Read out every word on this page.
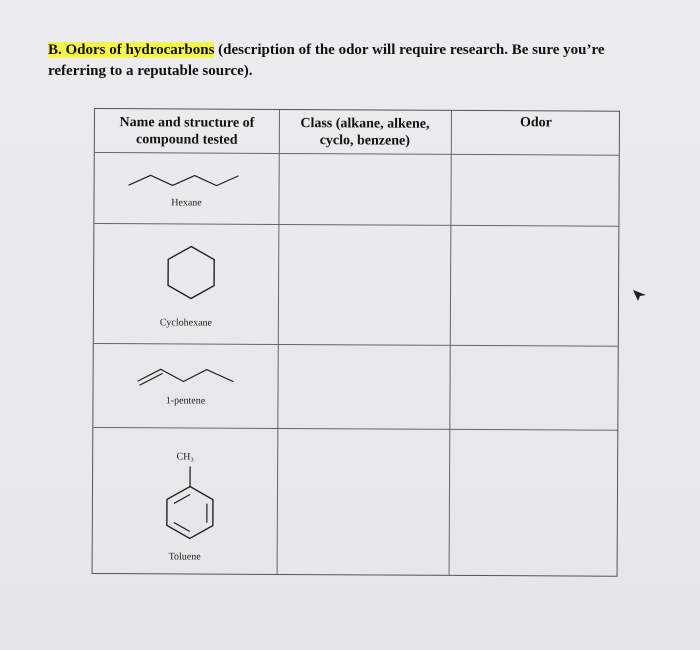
B. Odors of hydrocarbons (description of the odor will require research. Be sure you’re referring to a reputable source).
Name and structure of compound tested
Class (alkane, alkene, cyclo, benzene)
Odor
Hexane
Cyclohexane
1-pentene
CH₃
Toluene
